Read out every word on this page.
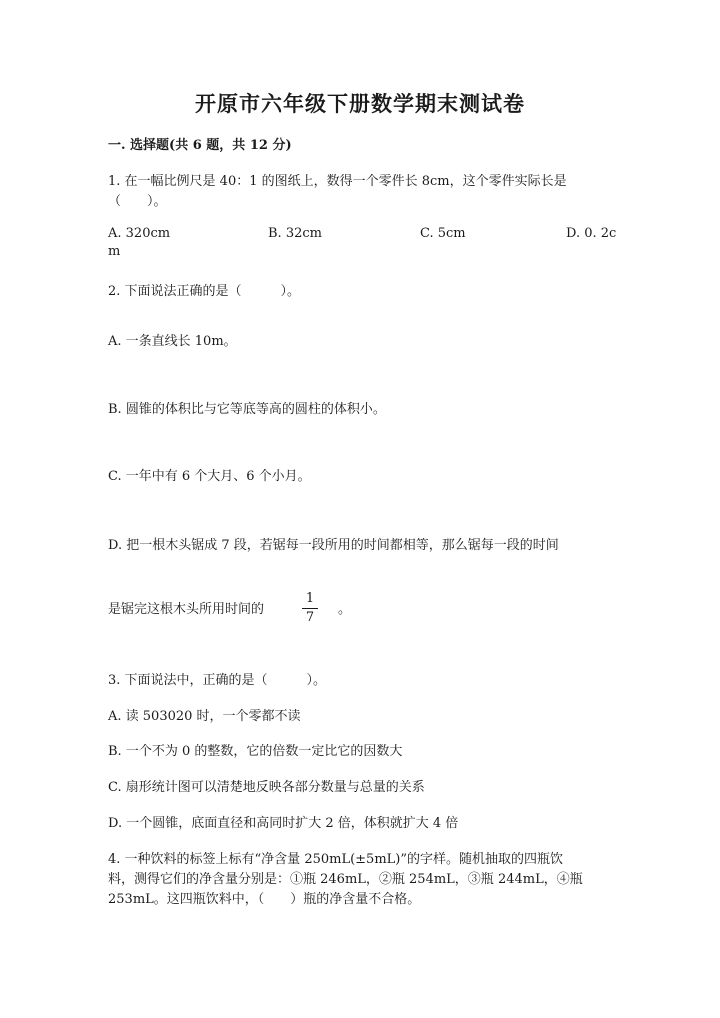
开原市六年级下册数学期末测试卷
一. 选择题(共 6 题，共 12 分)
1. 在一幅比例尺是 40：1 的图纸上，数得一个零件长 8cm，这个零件实际长是
（　　）。
A. 320cm	B. 32cm	C. 5cm	D. 0. 2c
m
2. 下面说法正确的是（　　　）。
A. 一条直线长 10m。
B. 圆锥的体积比与它等底等高的圆柱的体积小。
C. 一年中有 6 个大月、6 个小月。
D. 把一根木头锯成 7 段，若锯每一段所用的时间都相等，那么锯每一段的时间
是锯完这根木头所用时间的
1
7
。
3. 下面说法中，正确的是（　　　）。
A. 读 503020 时，一个零都不读
B. 一个不为 0 的整数，它的倍数一定比它的因数大
C. 扇形统计图可以清楚地反映各部分数量与总量的关系
D. 一个圆锥，底面直径和高同时扩大 2 倍，体积就扩大 4 倍
4. 一种饮料的标签上标有“净含量 250mL(±5mL)”的字样。随机抽取的四瓶饮
料，测得它们的净含量分别是：①瓶 246mL，②瓶 254mL，③瓶 244mL，④瓶
253mL。这四瓶饮料中，（　　）瓶的净含量不合格。
